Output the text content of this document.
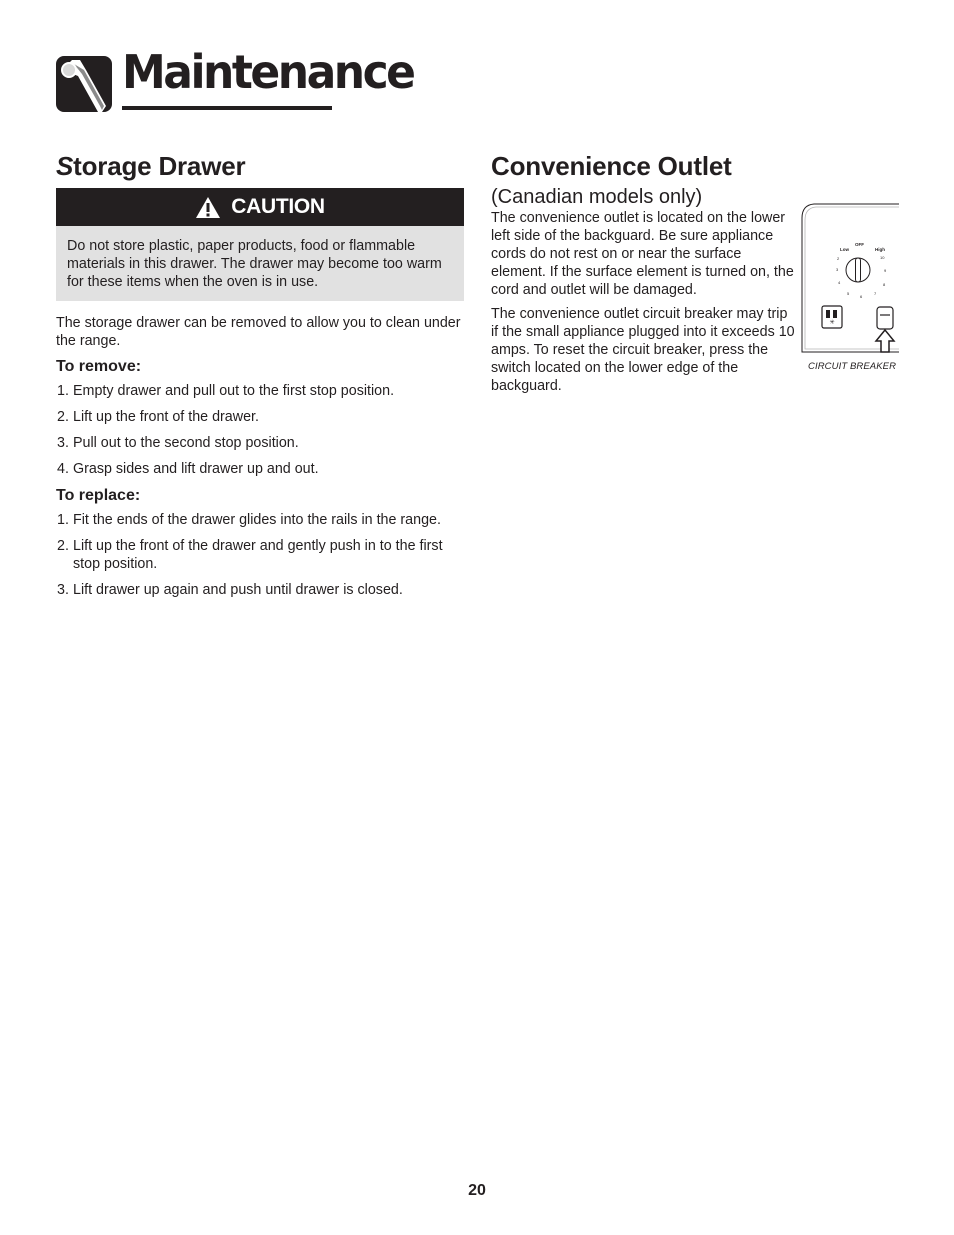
Maintenance
Storage Drawer
CAUTION
Do not store plastic, paper products, food or flammable materials in this drawer. The drawer may become too warm for these items when the oven is in use.

The storage drawer can be removed to allow you to clean under the range.

To remove:
1. Empty drawer and pull out to the first stop position.
2. Lift up the front of the drawer.
3. Pull out to the second stop position.
4. Grasp sides and lift drawer up and out.
To replace:
1. Fit the ends of the drawer glides into the rails in the range.
2. Lift up the front of the drawer and gently push in to the first stop position.
3. Lift drawer up again and push until drawer is closed.
Convenience Outlet
(Canadian models only)

The convenience outlet is located on the lower left side of the backguard. Be sure appliance cords do not rest on or near the surface element. If the surface element is turned on, the cord and outlet will be damaged.

The convenience outlet circuit breaker may trip if the small appliance plugged into it exceeds 10 amps. To reset the circuit breaker, press the switch located on the lower edge of the backguard.

Low
OFF
High
2
3
4
5
6
7
8
9
10
✳
CIRCUIT BREAKER
20
